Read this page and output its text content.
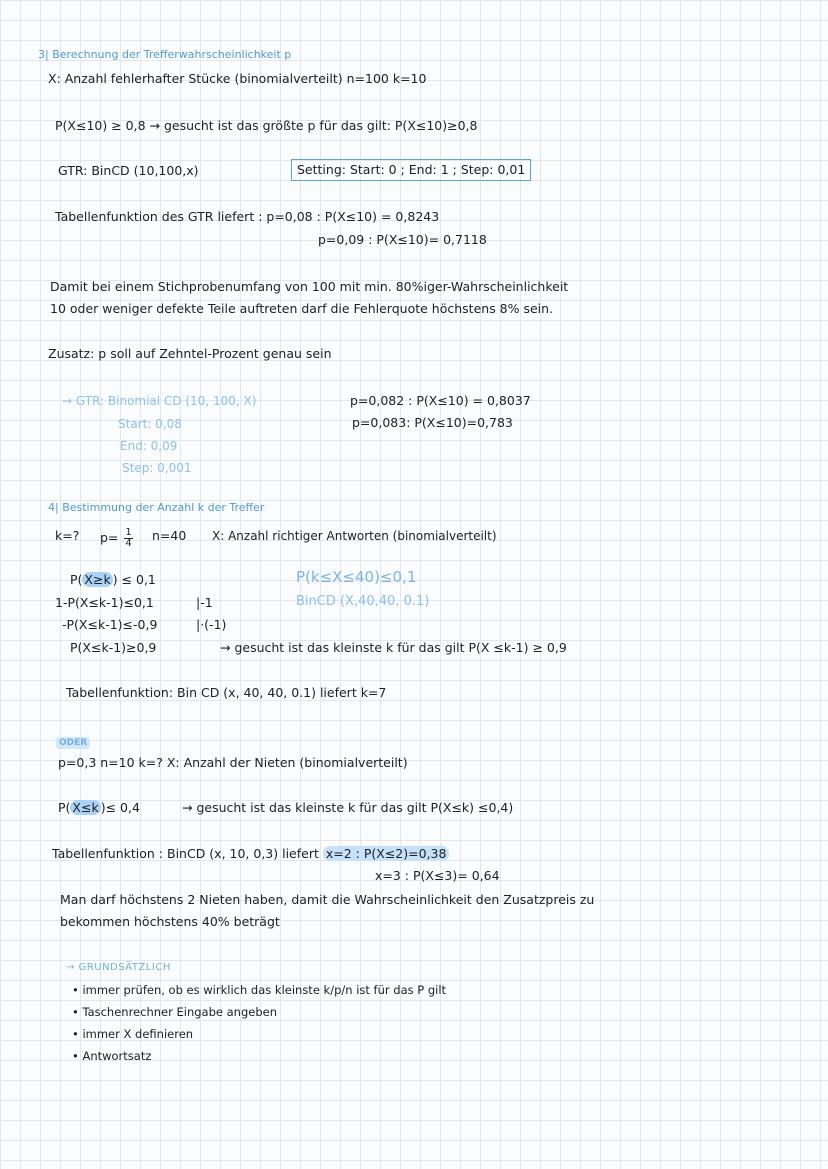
3| Berechnung der Trefferwahrscheinlichkeit p
X: Anzahl fehlerhafter Stücke (binomialverteilt) n=100 k=10
P(X≤10) ≥ 0,8 → gesucht ist das größte p für das gilt: P(X≤10)≥0,8
GTR: BinCD (10,100,x)	Setting: Start: 0 ; End: 1 ; Step: 0,01
Tabellenfunktion des GTR liefert : p=0,08 : P(X≤10) = 0,8243
p=0,09 : P(X≤10)= 0,7118
Damit bei einem Stichprobenumfang von 100 mit min. 80%iger-Wahrscheinlichkeit
10 oder weniger defekte Teile auftreten darf die Fehlerquote höchstens 8% sein.
Zusatz: p soll auf Zehntel-Prozent genau sein
→ GTR: Binomial CD (10, 100, X)
Start: 0,08
End: 0,09
Step: 0,001
p=0,082 : P(X≤10) = 0,8037
p=0,083: P(X≤10)=0,783
4| Bestimmung der Anzahl k der Treffer
k=? $p= \frac{1}{4} n=40$ X: Anzahl richtiger Antworten (binomialverteilt)
P( X≥k ) ≤ 0,1
1-P(X≤k-1)≤0,1	|-1
-P(X≤k-1)≤-0,9	|·(-1)
P(X≤k-1)≥0,9	→ gesucht ist das kleinste k für das gilt P(X ≤k-1) ≥ 0,9
P(k≤X≤40)≤0,1
BinCD (X,40,40, 0.1)
Tabellenfunktion: Bin CD (x, 40, 40, 0.1) liefert k=7
ODER
p=0,3 n=10 k=? X: Anzahl der Nieten (binomialverteilt)
P( X≤k )≤ 0,4	→ gesucht ist das kleinste k für das gilt P(X≤k) ≤0,4)
Tabellenfunktion : BinCD (x, 10, 0,3) liefert x=2 : P(X≤2)=0,38
x=3 : P(X≤3)= 0,64
Man darf höchstens 2 Nieten haben, damit die Wahrscheinlichkeit den Zusatzpreis zu
bekommen höchstens 40% beträgt
→ GRUNDSÄTZLICH
• immer prüfen, ob es wirklich das kleinste k/p/n ist für das P gilt
• Taschenrechner Eingabe angeben
• immer X definieren
• Antwortsatz
